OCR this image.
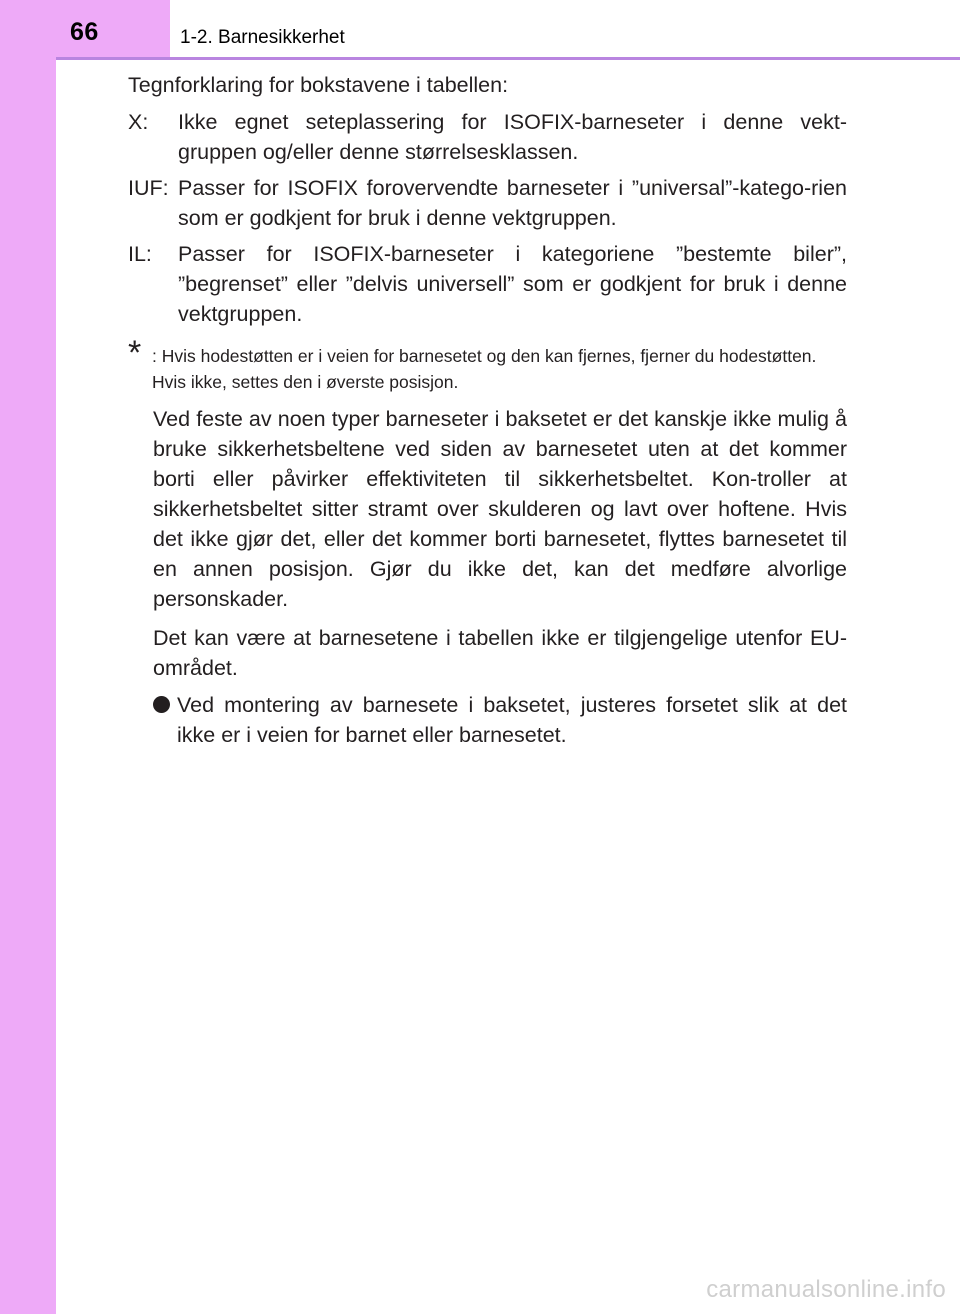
66	1-2. Barnesikkerhet

Tegnforklaring for bokstavene i tabellen:

X:	Ikke egnet seteplassering for ISOFIX-barneseter i denne vekt-gruppen og/eller denne størrelsesklassen.
IUF: Passer for ISOFIX forovervendte barneseter i ”universal”-katego-rien som er godkjent for bruk i denne vektgruppen.
IL:	Passer for ISOFIX-barneseter i kategoriene ”bestemte biler”, ”begrenset” eller ”delvis universell” som er godkjent for bruk i denne vektgruppen.
* : Hvis hodestøtten er i veien for barnesetet og den kan fjernes, fjerner du hodestøtten.
Hvis ikke, settes den i øverste posisjon.

Ved feste av noen typer barneseter i baksetet er det kanskje ikke mulig å bruke sikkerhetsbeltene ved siden av barnesetet uten at det kommer borti eller påvirker effektiviteten til sikkerhetsbeltet. Kon-troller at sikkerhetsbeltet sitter stramt over skulderen og lavt over hoftene. Hvis det ikke gjør det, eller det kommer borti barnesetet, flyttes barnesetet til en annen posisjon. Gjør du ikke det, kan det medføre alvorlige personskader.

Det kan være at barnesetene i tabellen ikke er tilgjengelige utenfor EU-området.

Ved montering av barnesete i baksetet, justeres forsetet slik at det ikke er i veien for barnet eller barnesetet.
carmanualsonline.info
